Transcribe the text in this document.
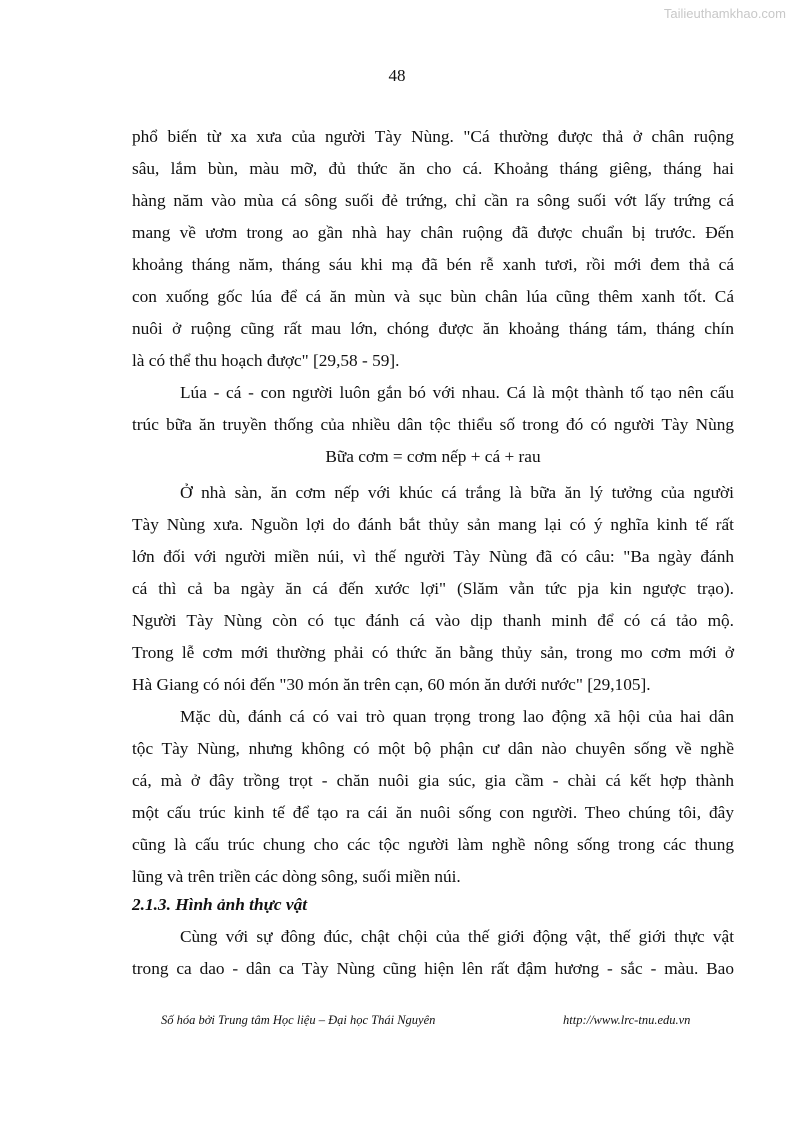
Tailieuthamkhao.com
48
phổ biến từ xa xưa của người Tày Nùng. "Cá thường được thả ở chân ruộng
sâu, lắm bùn, màu mỡ, đủ thức ăn cho cá. Khoảng tháng giêng, tháng hai
hàng năm vào mùa cá sông suối đẻ trứng, chỉ cần ra sông suối vớt lấy trứng cá
mang về ươm trong ao gần nhà hay chân ruộng đã được chuẩn bị trước. Đến
khoảng tháng năm, tháng sáu khi mạ đã bén rễ xanh tươi, rồi mới đem thả cá
con xuống gốc lúa để cá ăn mùn và sục bùn chân lúa cũng thêm xanh tốt. Cá
nuôi ở ruộng cũng rất mau lớn, chóng được ăn khoảng tháng tám, tháng chín
là có thể thu hoạch được" [29,58 - 59].
Lúa - cá - con người luôn gắn bó với nhau. Cá là một thành tố tạo nên cấu
trúc bữa ăn truyền thống của nhiều dân tộc thiểu số trong đó có người Tày Nùng
Bữa cơm = cơm nếp + cá + rau
Ở nhà sàn, ăn cơm nếp với khúc cá trắng là bữa ăn lý tưởng của người
Tày Nùng xưa. Nguồn lợi do đánh bắt thủy sản mang lại có ý nghĩa kinh tế rất
lớn đối với người miền núi, vì thế người Tày Nùng đã có câu: "Ba ngày đánh
cá thì cả ba ngày ăn cá đến xước lợi" (Slăm vằn tức pja kin ngược trạo).
Người Tày Nùng còn có tục đánh cá vào dịp thanh minh để có cá tảo mộ.
Trong lễ cơm mới thường phải có thức ăn bằng thủy sản, trong mo cơm mới ở
Hà Giang có nói đến "30 món ăn trên cạn, 60 món ăn dưới nước" [29,105].
Mặc dù, đánh cá có vai trò quan trọng trong lao động xã hội của hai dân
tộc Tày Nùng, nhưng không có một bộ phận cư dân nào chuyên sống về nghề
cá, mà ở đây trồng trọt - chăn nuôi gia súc, gia cầm - chài cá kết hợp thành
một cấu trúc kinh tế để tạo ra cái ăn nuôi sống con người. Theo chúng tôi, đây
cũng là cấu trúc chung cho các tộc người làm nghề nông sống trong các thung
lũng và trên triền các dòng sông, suối miền núi.
2.1.3. Hình ảnh thực vật
Cùng với sự đông đúc, chật chội của thế giới động vật, thế giới thực vật
trong ca dao - dân ca Tày Nùng cũng hiện lên rất đậm hương - sắc - màu. Bao
Số hóa bởi Trung tâm Học liệu – Đại học Thái Nguyên	http://www.lrc-tnu.edu.vn
